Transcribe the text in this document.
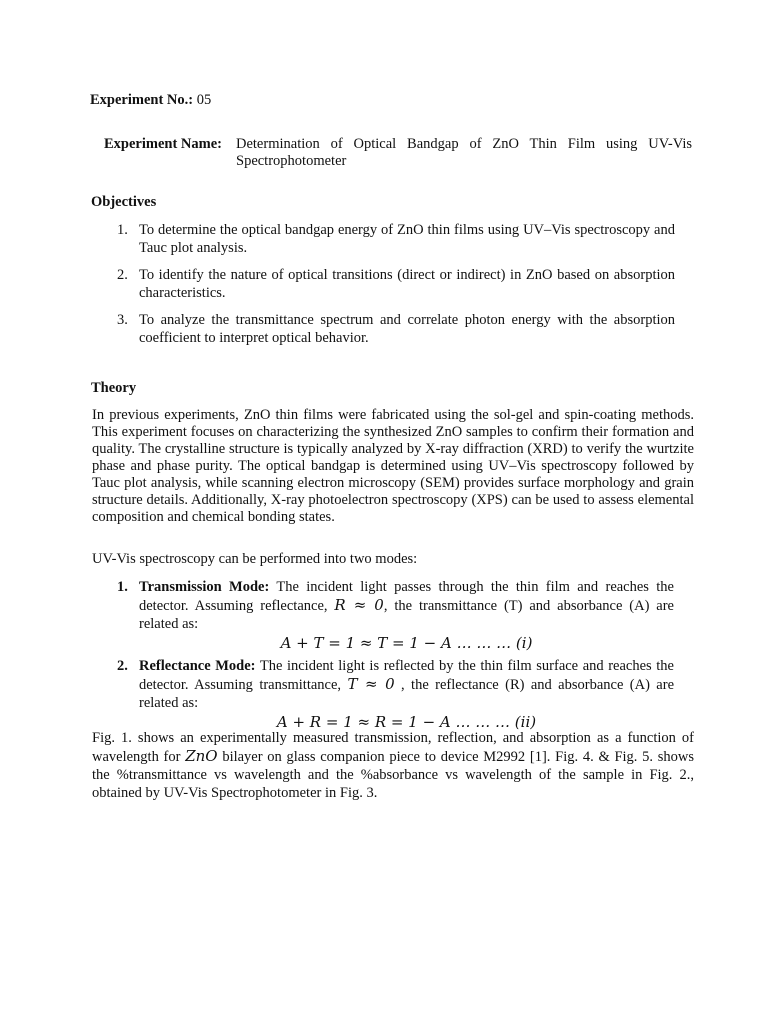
Experiment No.: 05
Experiment Name: Determination of Optical Bandgap of ZnO Thin Film using UV-Vis
Spectrophotometer
Objectives
1. To determine the optical bandgap energy of ZnO thin films using UV–Vis spectroscopy and Tauc plot analysis.
2. To identify the nature of optical transitions (direct or indirect) in ZnO based on absorption characteristics.
3. To analyze the transmittance spectrum and correlate photon energy with the absorption coefficient to interpret optical behavior.
Theory

In previous experiments, ZnO thin films were fabricated using the sol-gel and spin-coating methods. This experiment focuses on characterizing the synthesized ZnO samples to confirm their formation and quality. The crystalline structure is typically analyzed by X-ray diffraction (XRD) to verify the wurtzite phase and phase purity. The optical bandgap is determined using UV–Vis spectroscopy followed by Tauc plot analysis, while scanning electron microscopy (SEM) provides surface morphology and grain structure details. Additionally, X-ray photoelectron spectroscopy (XPS) can be used to assess elemental composition and chemical bonding states.

UV-Vis spectroscopy can be performed into two modes:

1. Transmission Mode: The incident light passes through the thin film and reaches the detector. Assuming reflectance, R ≈ 0, the transmittance (T) and absorbance (A) are related as:
A + T = 1 ≈ T = 1 − A … … … (i)
2. Reflectance Mode: The incident light is reflected by the thin film surface and reaches the detector. Assuming transmittance, T ≈ 0 , the reflectance (R) and absorbance (A) are related as:
A + R = 1 ≈ R = 1 − A … … … (ii)

Fig. 1. shows an experimentally measured transmission, reflection, and absorption as a function of wavelength for ZnO bilayer on glass companion piece to device M2992 [1]. Fig. 4. & Fig. 5. shows the %transmittance vs wavelength and the %absorbance vs wavelength of the sample in Fig. 2., obtained by UV-Vis Spectrophotometer in Fig. 3.
